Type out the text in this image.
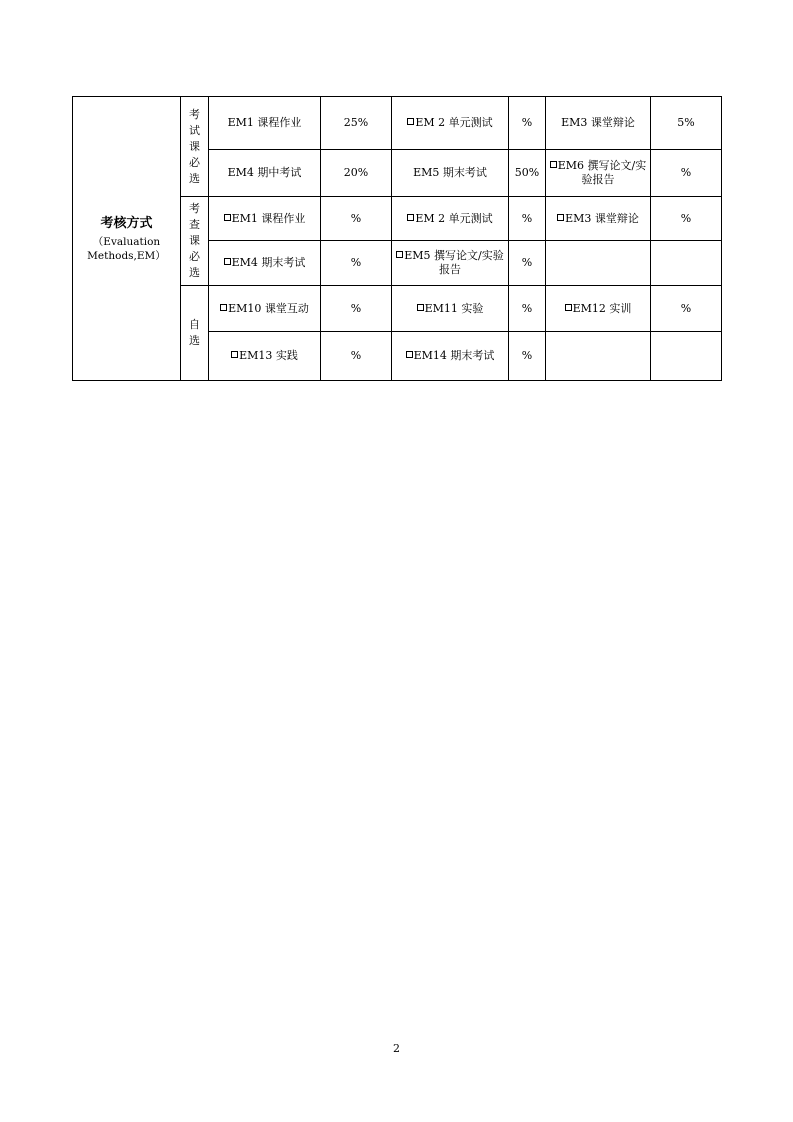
考核方式
（Evaluation
Methods,EM）	考试课必选	EM1 课程作业	25%	EM 2 单元测试	%	EM3 课堂辩论	5%
		EM4 期中考试	20%	EM5 期末考试	50%	EM6 撰写论文/实验报告	%

	考查课必选	EM1 课程作业	%	EM 2 单元测试	%	EM3 课堂辩论	%
		EM4 期末考试	%	EM5 撰写论文/实验报告	%		

	自选	EM10 课堂互动	%	EM11 实验	%	EM12 实训	%
		EM13 实践	%	EM14 期末考试	%		
2
